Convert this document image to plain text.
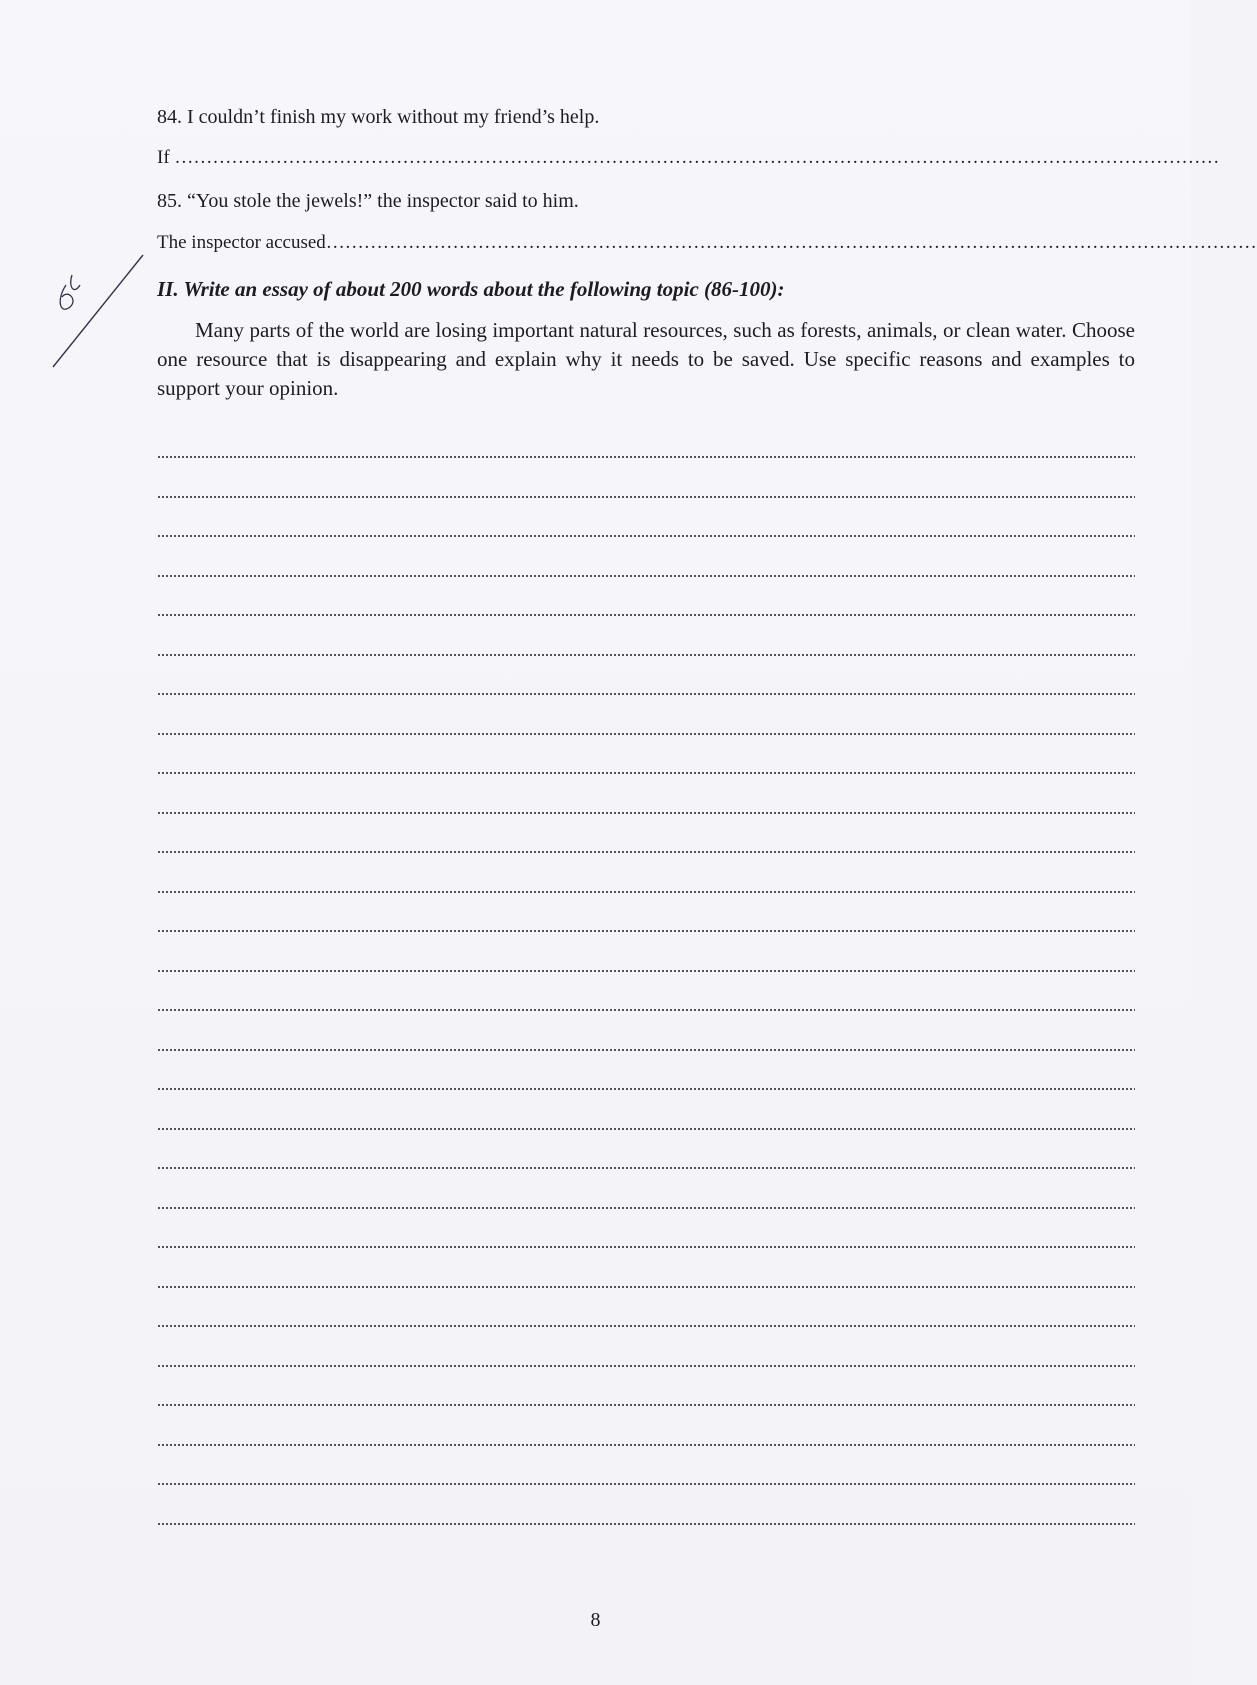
84. I couldn’t finish my work without my friend’s help.

If …………………………………………………………………………………………………………………………………………………

85. “You stole the jewels!” the inspector said to him.

The inspector accused…………………………………………………………………………………………………………………………………

II. Write an essay of about 200 words about the following topic (86-100):

Many parts of the world are losing important natural resources, such as forests, animals, or clean water. Choose one resource that is disappearing and explain why it needs to be saved. Use specific reasons and examples to support your opinion.

8
